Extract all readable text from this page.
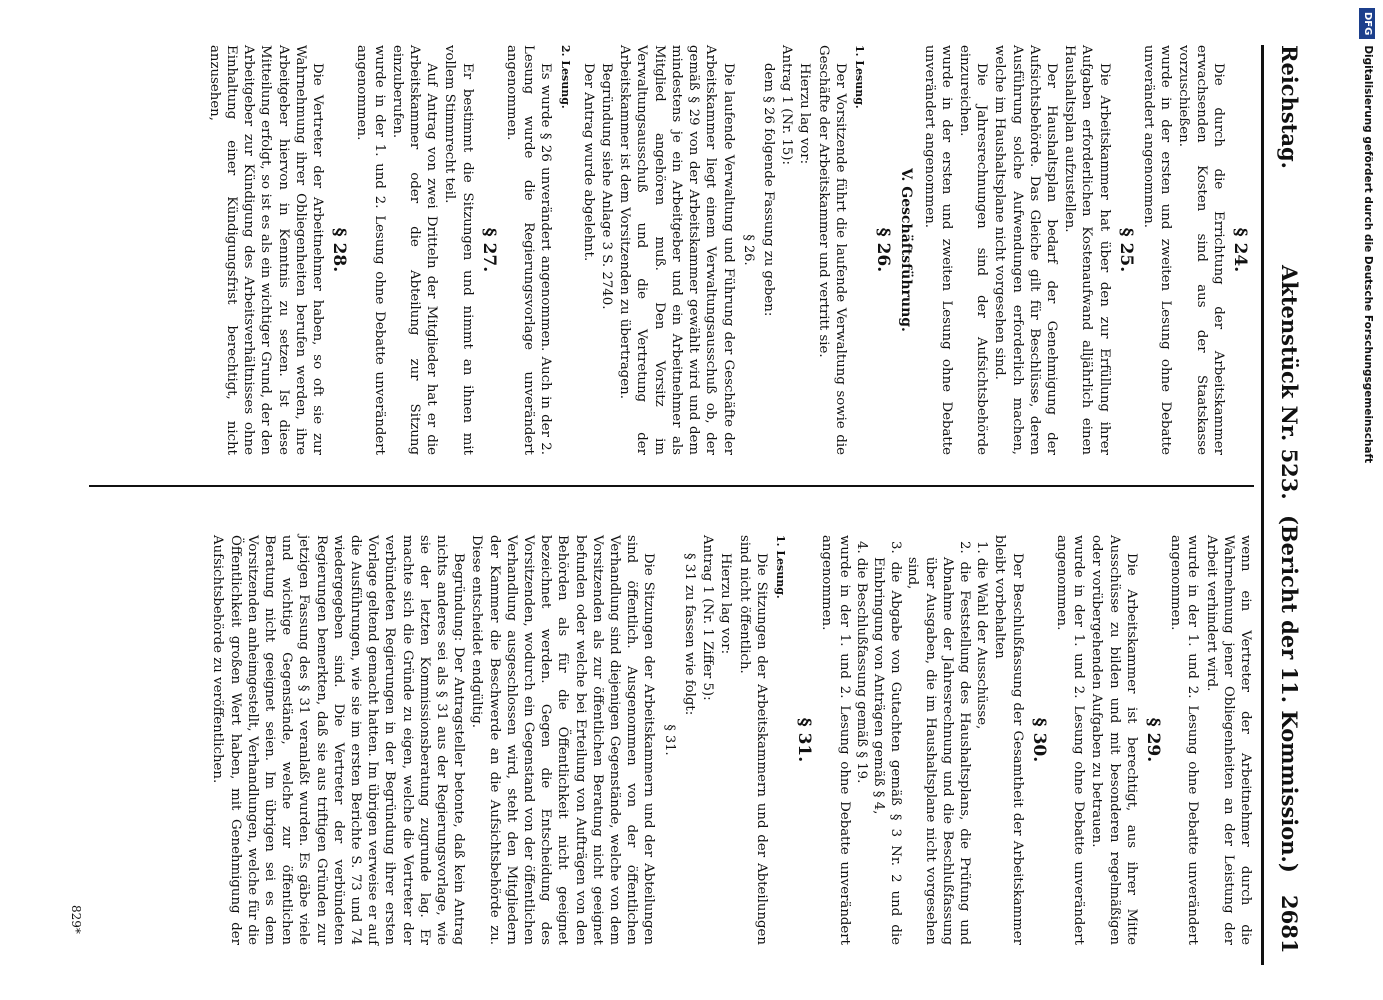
Reichstag.
Aktenstück Nr. 523.
(Bericht der 11. Kommission.)
2681

§ 24.

Die durch die Errichtung der Arbeitskammer erwachsenden Kosten sind aus der Staatskasse vorzuschießen.

wurde in der ersten und zweiten Lesung ohne Debatte unverändert angenommen.

§ 25.

Die Arbeitskammer hat über den zur Erfüllung ihrer Aufgaben erforderlichen Kostenaufwand alljährlich einen Haushaltsplan aufzustellen.

Der Haushaltsplan bedarf der Genehmigung der Aufsichtsbehörde. Das Gleiche gilt für Beschlüsse, deren Ausführung solche Aufwendungen erforderlich machen, welche im Haushaltsplane nicht vorgesehen sind.

Die Jahresrechnungen sind der Aufsichtsbehörde einzureichen.

wurde in der ersten und zweiten Lesung ohne Debatte unverändert angenommen.

V. Geschäftsführung.

§ 26.

1. Lesung.

Der Vorsitzende führt die laufende Verwaltung sowie die Geschäfte der Arbeitskammer und vertritt sie.

Hierzu lag vor:

Antrag 1 (Nr. 15):

dem § 26 folgende Fassung zu geben:

§ 26.

Die laufende Verwaltung und Führung der Geschäfte der Arbeitskammer liegt einem Verwaltungsausschuß ob, der gemäß § 29 von der Arbeitskammer gewählt wird und dem mindestens je ein Arbeitgeber und ein Arbeitnehmer als Mitglied angehören muß. Den Vorsitz im Verwaltungsausschuß und die Vertretung der Arbeitskammer ist dem Vorsitzenden zu übertragen.

Begründung siehe Anlage 3 S. 2740.

Der Antrag wurde abgelehnt.

2. Lesung.

Es wurde § 26 unverändert angenommen. Auch in der 2. Lesung wurde die Regierungsvorlage unverändert angenommen.

§ 27.

Er bestimmt die Sitzungen und nimmt an ihnen mit vollem Stimmrecht teil.

Auf Antrag von zwei Dritteln der Mitglieder hat er die Arbeitskammer oder die Abteilung zur Sitzung einzuberufen.

wurde in der 1. und 2. Lesung ohne Debatte unverändert angenommen.

§ 28.

Die Vertreter der Arbeitnehmer haben, so oft sie zur Wahrnehmung ihrer Obliegenheiten berufen werden, ihre Arbeitgeber hiervon in Kenntnis zu setzen. Ist diese Mitteilung erfolgt, so ist es als ein wichtiger Grund, der den Arbeitgeber zur Kündigung des Arbeitsverhältnisses ohne Einhaltung einer Kündigungsfrist berechtigt, nicht anzusehen,

wenn ein Vertreter der Arbeitnehmer durch die Wahrnehmung jener Obliegenheiten an der Leistung der Arbeit verhindert wird.

wurde in der 1. und 2. Lesung ohne Debatte unverändert angenommen.

§ 29.

Die Arbeitskammer ist berechtigt, aus ihrer Mitte Ausschüsse zu bilden und mit besonderen regelmäßigen oder vorübergehenden Aufgaben zu betrauen.

wurde in der 1. und 2. Lesung ohne Debatte unverändert angenommen.

§ 30.

Der Beschlußfassung der Gesamtheit der Arbeitskammer bleibt vorbehalten

1. die Wahl der Ausschüsse,

2. die Feststellung des Haushaltsplans, die Prüfung und Abnahme der Jahresrechnung und die Beschlußfassung über Ausgaben, die im Haushaltsplane nicht vorgesehen sind,

3. die Abgabe von Gutachten gemäß § 3 Nr. 2 und die Einbringung von Anträgen gemäß § 4,

4. die Beschlußfassung gemäß § 19.

wurde in der 1. und 2. Lesung ohne Debatte unverändert angenommen.

§ 31.

1. Lesung.

Die Sitzungen der Arbeitskammern und der Abteilungen sind nicht öffentlich.

Hierzu lag vor:

Antrag 1 (Nr. 1 Ziffer 5):

§ 31 zu fassen wie folgt:

§ 31.

Die Sitzungen der Arbeitskammern und der Abteilungen sind öffentlich. Ausgenommen von der öffentlichen Verhandlung sind diejenigen Gegenstände, welche von dem Vorsitzenden als zur öffentlichen Beratung nicht geeignet befunden oder welche bei Erteilung von Aufträgen von den Behörden als für die Öffentlichkeit nicht geeignet bezeichnet werden. Gegen die Entscheidung des Vorsitzenden, wodurch ein Gegenstand von der öffentlichen Verhandlung ausgeschlossen wird, steht den Mitgliedern der Kammer die Beschwerde an die Aufsichtsbehörde zu. Diese entscheidet endgültig.

Begründung: Der Antragsteller betonte, daß kein Antrag nichts anderes sei als § 31 aus der Regierungsvorlage, wie sie der letzten Kommissionsberatung zugrunde lag. Er machte sich die Gründe zu eigen, welche die Vertreter der verbündeten Regierungen in der Begründung ihrer ersten Vorlage geltend gemacht hatten. Im übrigen verweise er auf die Ausführungen, wie sie im ersten Berichte S. 73 und 74 wiedergegeben sind. Die Vertreter der verbündeten Regierungen bemerkten, daß sie aus triftigen Gründen zur jetzigen Fassung des § 31 veranlaßt wurden. Es gäbe viele und wichtige Gegenstände, welche zur öffentlichen Beratung nicht geeignet seien. Im übrigen sei es dem Vorsitzenden anheimgestellt, Verhandlungen, welche für die Öffentlichkeit großen Wert haben, mit Genehmigung der Aufsichtsbehörde zu veröffentlichen.

829*
DFGDigitalisierung gefördert durch die Deutsche Forschungsgemeinschaft
